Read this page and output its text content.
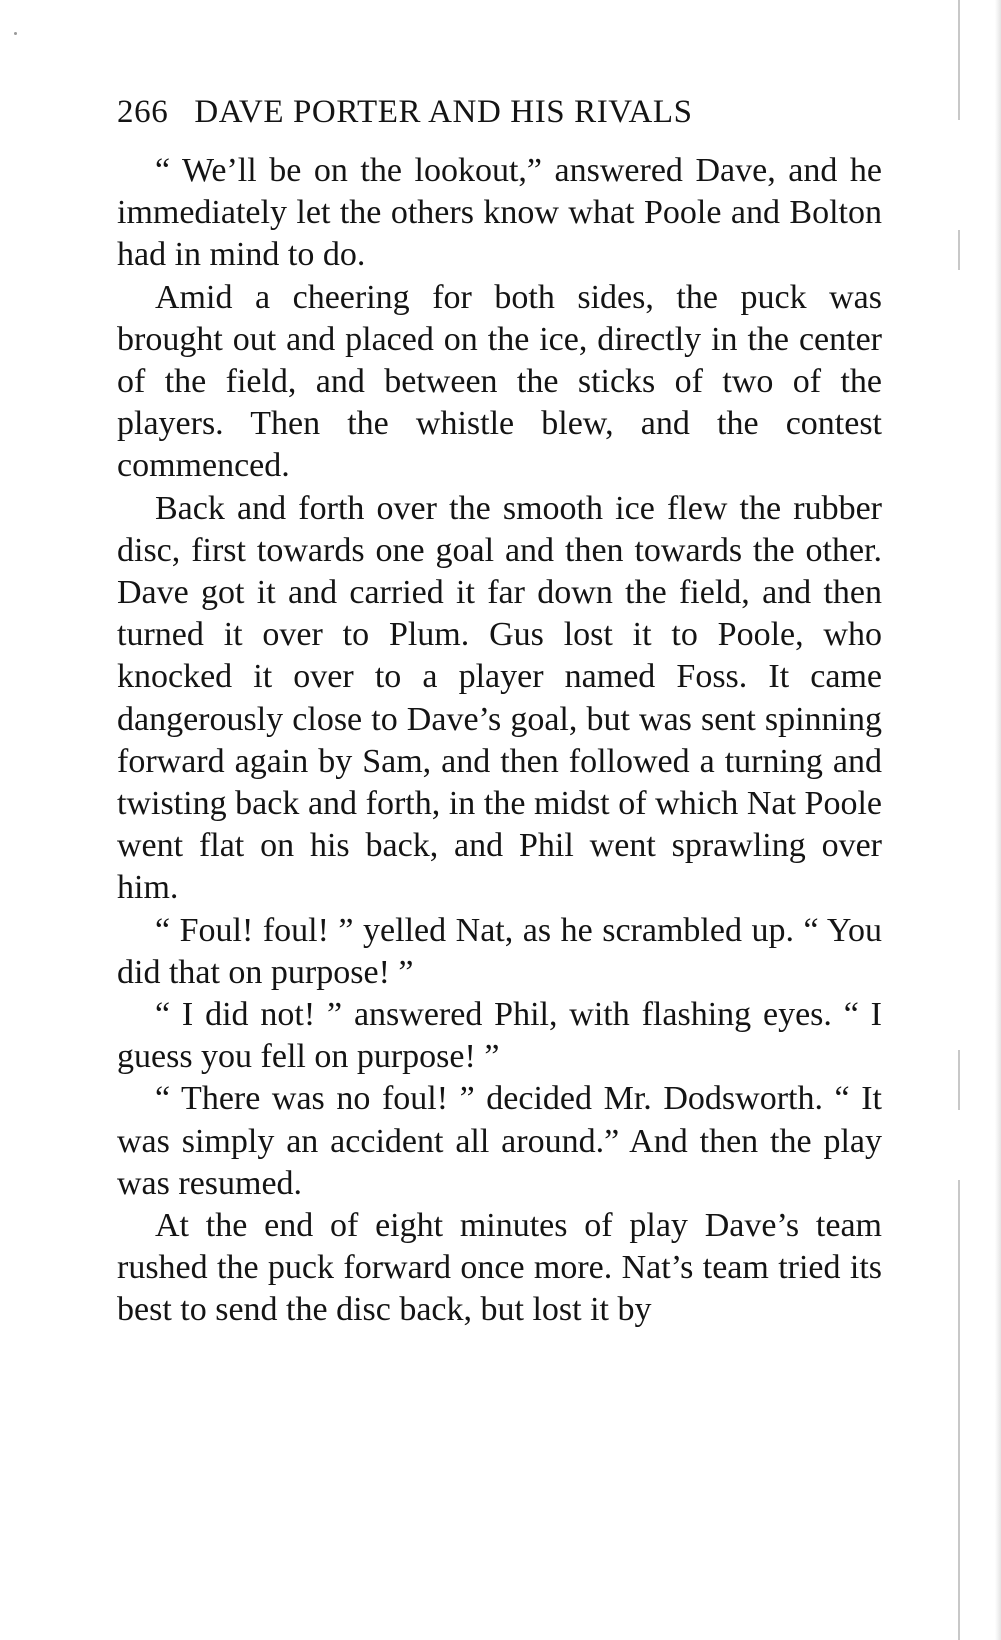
266 DAVE PORTER AND HIS RIVALS

“ We’ll be on the lookout,” answered Dave, and he immediately let the others know what Poole and Bolton had in mind to do.

Amid a cheering for both sides, the puck was brought out and placed on the ice, directly in the center of the field, and between the sticks of two of the players. Then the whistle blew, and the contest commenced.

Back and forth over the smooth ice flew the rubber disc, first towards one goal and then towards the other. Dave got it and carried it far down the field, and then turned it over to Plum. Gus lost it to Poole, who knocked it over to a player named Foss. It came dangerously close to Dave’s goal, but was sent spinning forward again by Sam, and then followed a turning and twisting back and forth, in the midst of which Nat Poole went flat on his back, and Phil went sprawling over him.

“ Foul! foul! ” yelled Nat, as he scrambled up. “ You did that on purpose! ”

“ I did not! ” answered Phil, with flashing eyes. “ I guess you fell on purpose! ”

“ There was no foul! ” decided Mr. Dodsworth. “ It was simply an accident all around.” And then the play was resumed.

At the end of eight minutes of play Dave’s team rushed the puck forward once more. Nat’s team tried its best to send the disc back, but lost it by
